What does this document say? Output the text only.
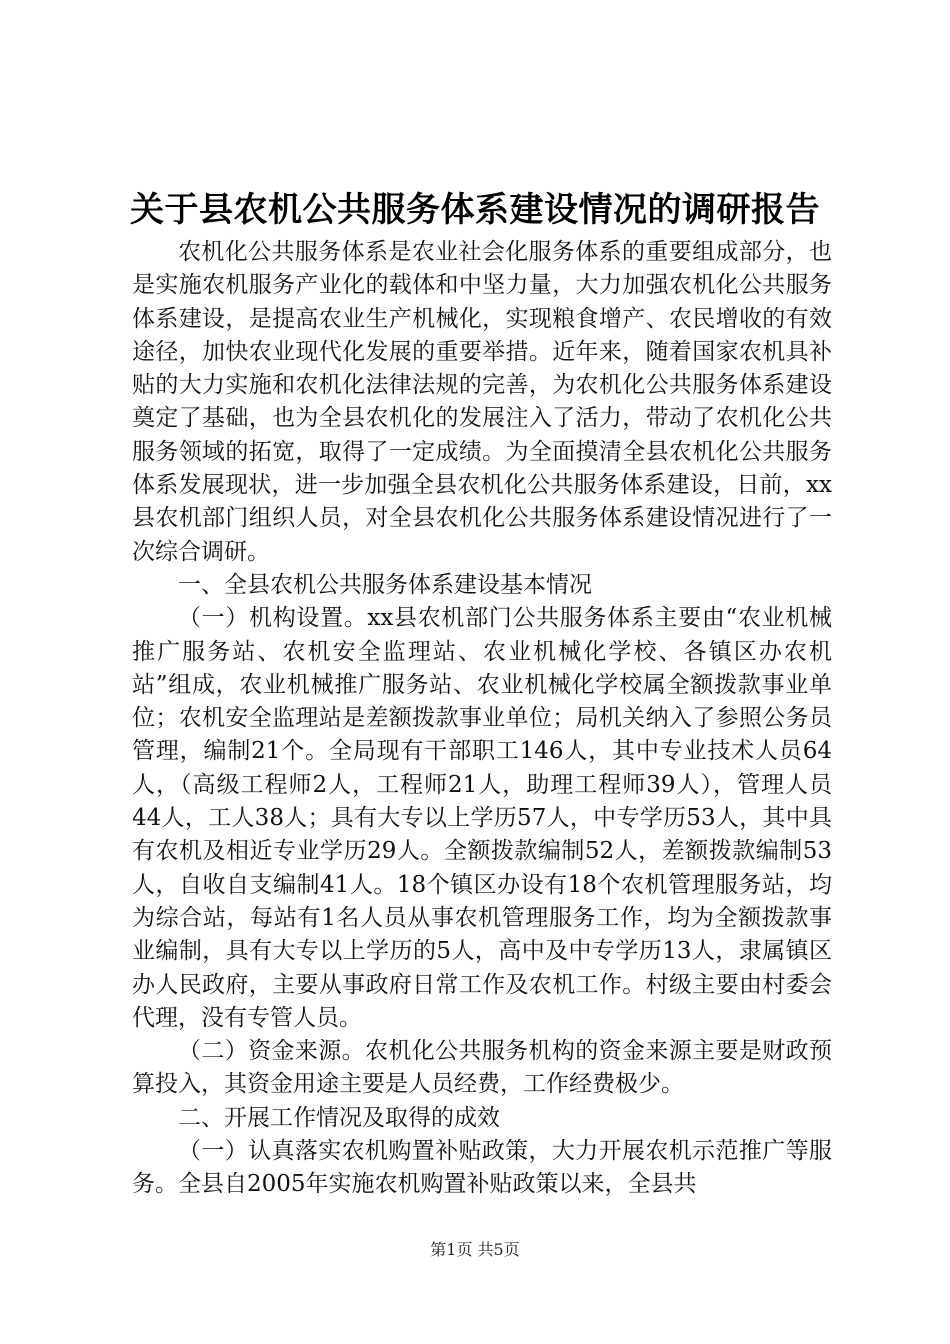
关于县农机公共服务体系建设情况的调研报告

农机化公共服务体系是农业社会化服务体系的重要组成部分，也是实施农机服务产业化的载体和中坚力量，大力加强农机化公共服务体系建设，是提高农业生产机械化，实现粮食增产、农民增收的有效途径，加快农业现代化发展的重要举措。近年来，随着国家农机具补贴的大力实施和农机化法律法规的完善，为农机化公共服务体系建设奠定了基础，也为全县农机化的发展注入了活力，带动了农机化公共服务领域的拓宽，取得了一定成绩。为全面摸清全县农机化公共服务体系发展现状，进一步加强全县农机化公共服务体系建设，日前，xx县农机部门组织人员，对全县农机化公共服务体系建设情况进行了一次综合调研。

一、全县农机公共服务体系建设基本情况

（一）机构设置。xx县农机部门公共服务体系主要由“农业机械推广服务站、农机安全监理站、农业机械化学校、各镇区办农机站”组成，农业机械推广服务站、农业机械化学校属全额拨款事业单位；农机安全监理站是差额拨款事业单位；局机关纳入了参照公务员管理，编制21个。全局现有干部职工146人，其中专业技术人员64人，（高级工程师2人，工程师21人，助理工程师39人），管理人员44人，工人38人；具有大专以上学历57人，中专学历53人，其中具有农机及相近专业学历29人。全额拨款编制52人，差额拨款编制53人，自收自支编制41人。18个镇区办设有18个农机管理服务站，均为综合站，每站有1名人员从事农机管理服务工作，均为全额拨款事业编制，具有大专以上学历的5人，高中及中专学历13人，隶属镇区办人民政府，主要从事政府日常工作及农机工作。村级主要由村委会代理，没有专管人员。

（二）资金来源。农机化公共服务机构的资金来源主要是财政预算投入，其资金用途主要是人员经费，工作经费极少。

二、开展工作情况及取得的成效

（一）认真落实农机购置补贴政策，大力开展农机示范推广等服务。全县自2005年实施农机购置补贴政策以来，全县共

第1页 共5页
